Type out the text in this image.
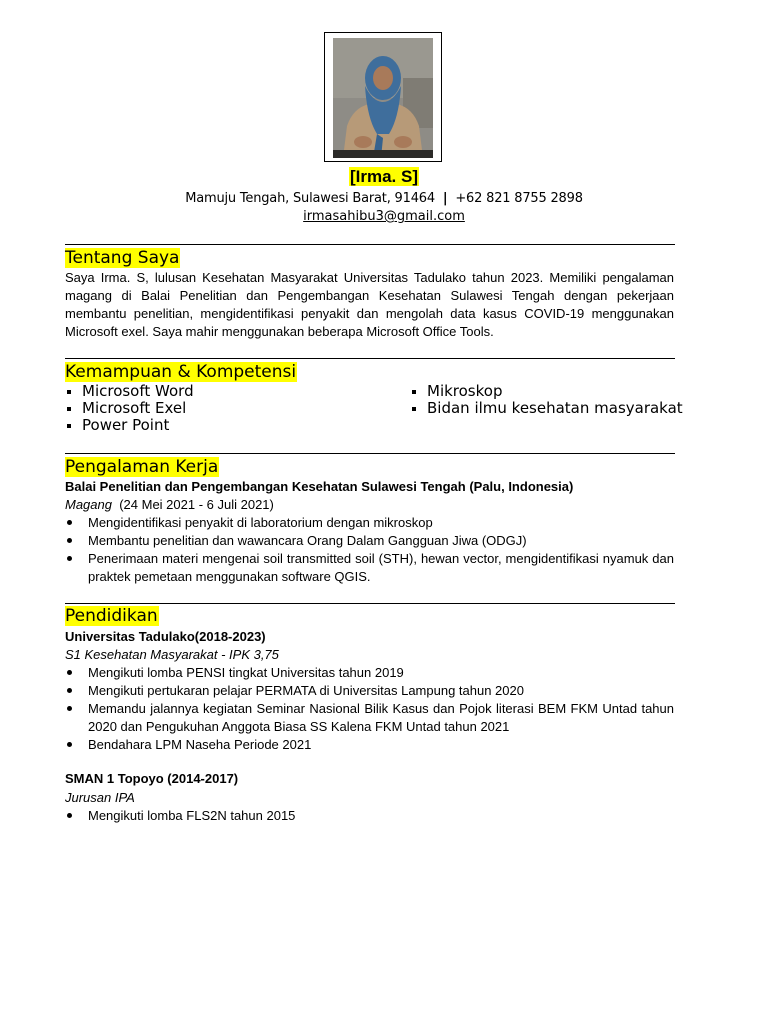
[Irma. S]
Mamuju Tengah, Sulawesi Barat, 91464 | +62 821 8755 2898
irmasahibu3@gmail.com
Tentang Saya

Saya Irma. S, lulusan Kesehatan Masyarakat Universitas Tadulako tahun 2023. Memiliki pengalaman magang di Balai Penelitian dan Pengembangan Kesehatan Sulawesi Tengah dengan pekerjaan membantu penelitian, mengidentifikasi penyakit dan mengolah data kasus COVID-19 menggunakan Microsoft exel. Saya mahir menggunakan beberapa Microsoft Office Tools.

Kemampuan & Kompetensi
Microsoft Word
Microsoft Exel
Power Point
Mikroskop
Bidan ilmu kesehatan masyarakat
Pengalaman Kerja
Balai Penelitian dan Pengembangan Kesehatan Sulawesi Tengah (Palu, Indonesia)
Magang (24 Mei 2021 - 6 Juli 2021)
Mengidentifikasi penyakit di laboratorium dengan mikroskop
Membantu penelitian dan wawancara Orang Dalam Gangguan Jiwa (ODGJ)
Penerimaan materi mengenai soil transmitted soil (STH), hewan vector, mengidentifikasi nyamuk dan praktek pemetaan menggunakan software QGIS.
Pendidikan
Universitas Tadulako(2018-2023)
S1 Kesehatan Masyarakat - IPK 3,75
Mengikuti lomba PENSI tingkat Universitas tahun 2019
Mengikuti pertukaran pelajar PERMATA di Universitas Lampung tahun 2020
Memandu jalannya kegiatan Seminar Nasional Bilik Kasus dan Pojok literasi BEM FKM Untad tahun 2020 dan Pengukuhan Anggota Biasa SS Kalena FKM Untad tahun 2021
Bendahara LPM Naseha Periode 2021
SMAN 1 Topoyo (2014-2017)
Jurusan IPA
Mengikuti lomba FLS2N tahun 2015
